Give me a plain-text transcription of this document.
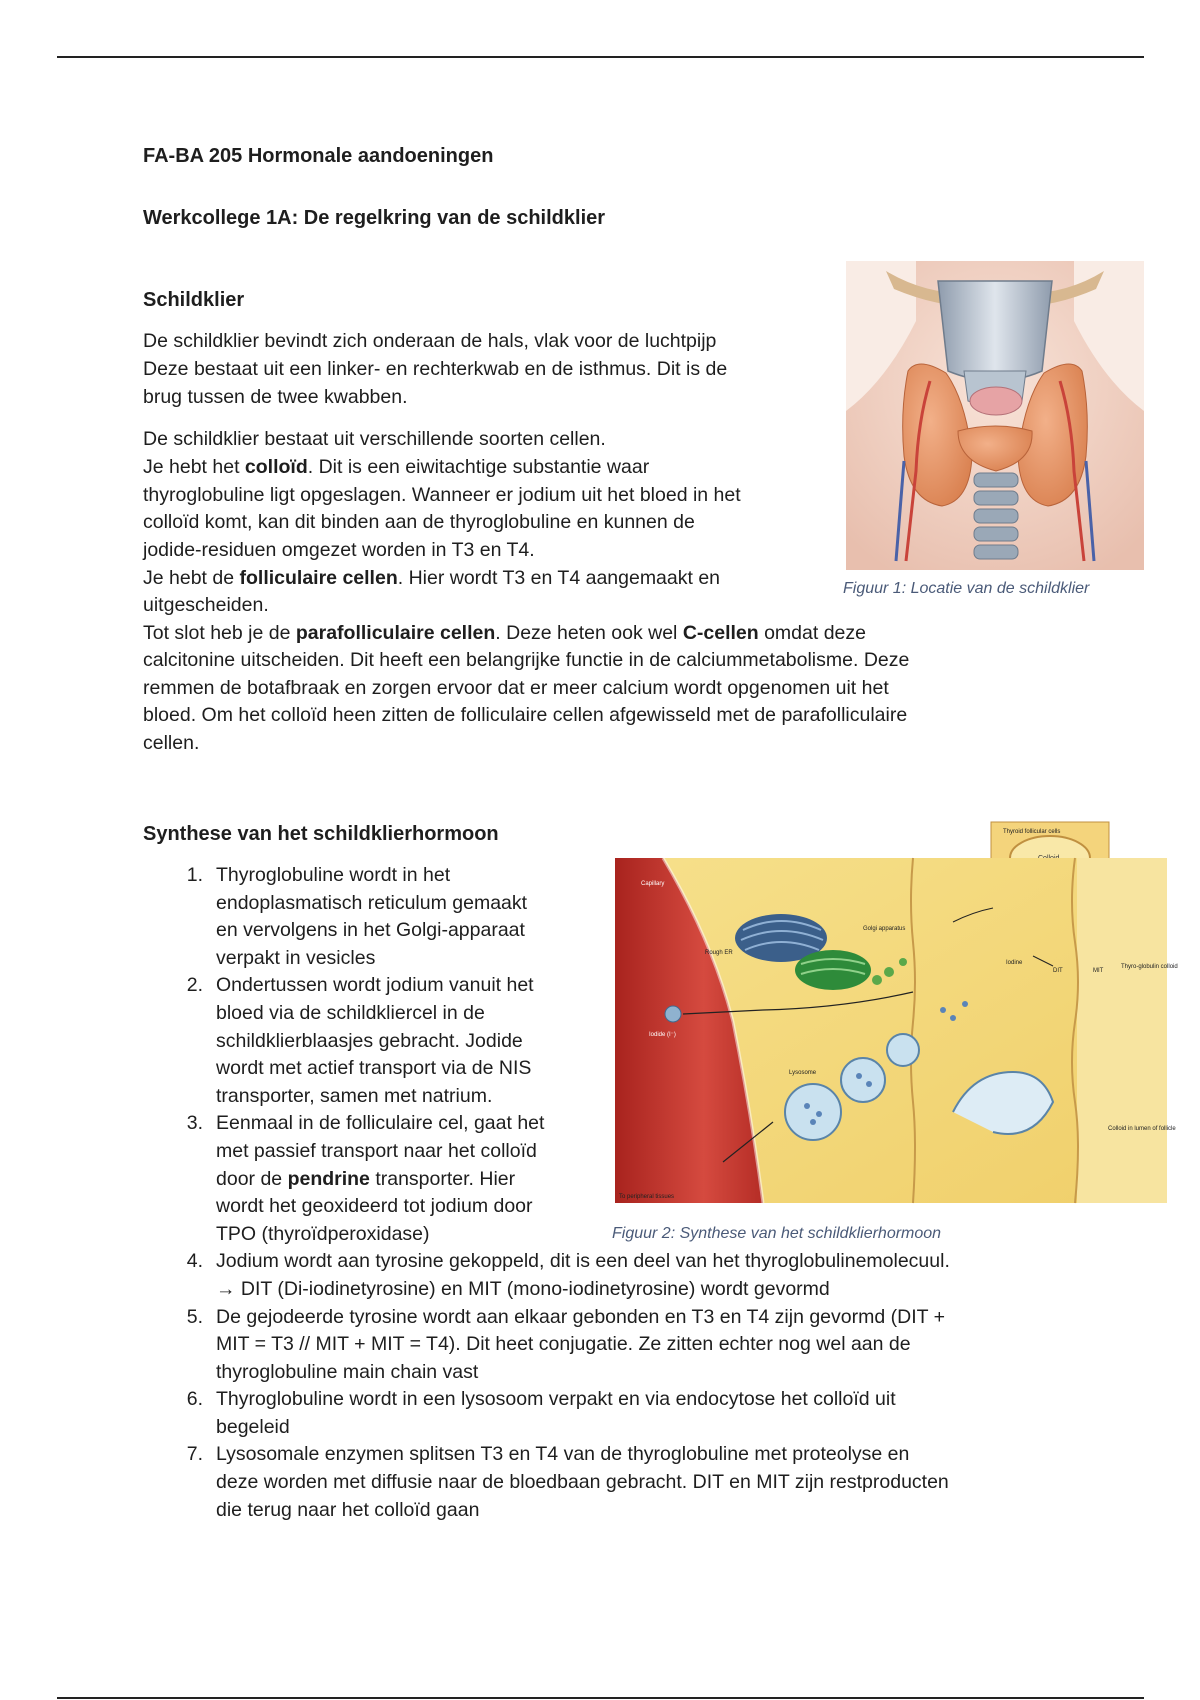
FA-BA 205 Hormonale aandoeningen
Werkcollege 1A: De regelkring van de schildklier
Schildklier
De schildklier bevindt zich onderaan de hals, vlak voor de luchtpijp
Deze bestaat uit een linker- en rechterkwab en de isthmus. Dit is de
brug tussen de twee kwabben.
De schildklier bestaat uit verschillende soorten cellen.
Je hebt het colloïd. Dit is een eiwitachtige substantie waar
thyroglobuline ligt opgeslagen. Wanneer er jodium uit het bloed in het
colloïd komt, kan dit binden aan de thyroglobuline en kunnen de
jodide-residuen omgezet worden in T3 en T4.
Je hebt de folliculaire cellen. Hier wordt T3 en T4 aangemaakt en
uitgescheiden.
Tot slot heb je de parafolliculaire cellen. Deze heten ook wel C-cellen omdat deze
calcitonine uitscheiden. Dit heeft een belangrijke functie in de calciummetabolisme. Deze
remmen de botafbraak en zorgen ervoor dat er meer calcium wordt opgenomen uit het
bloed. Om het colloïd heen zitten de folliculaire cellen afgewisseld met de parafolliculaire
cellen.
Figuur 1: Locatie van de schildklier
Synthese van het schildklierhormoon
1. Thyroglobuline wordt in het
endoplasmatisch reticulum gemaakt
en vervolgens in het Golgi-apparaat
verpakt in vesicles
2. Ondertussen wordt jodium vanuit het
bloed via de schildkliercel in de
schildklierblaasjes gebracht. Jodide
wordt met actief transport via de NIS
transporter, samen met natrium.
3. Eenmaal in de folliculaire cel, gaat het
met passief transport naar het colloïd
door de pendrine transporter. Hier
wordt het geoxideerd tot jodium door
TPO (thyroïdperoxidase)
4. Jodium wordt aan tyrosine gekoppeld, dit is een deel van het thyroglobulinemolecuul.
→ DIT (Di-iodinetyrosine) en MIT (mono-iodinetyrosine) wordt gevormd
5. De gejodeerde tyrosine wordt aan elkaar gebonden en T3 en T4 zijn gevormd (DIT +
MIT = T3 // MIT + MIT = T4). Dit heet conjugatie. Ze zitten echter nog wel aan de
thyroglobuline main chain vast
6. Thyroglobuline wordt in een lysosoom verpakt en via endocytose het colloïd uit
begeleid
7. Lysosomale enzymen splitsen T3 en T4 van de thyroglobuline met proteolyse en
deze worden met diffusie naar de bloedbaan gebracht. DIT en MIT zijn restproducten
die terug naar het colloïd gaan
Thyroid follicular cells
Capillary
Rough ER
Golgi apparatus
Iodide (I⁻)
Lysosome
Iodine
DIT	MIT
Thyro-globulin colloid
Colloid in lumen of follicle
To peripheral tissues
Figuur 2: Synthese van het schildklierhormoon
